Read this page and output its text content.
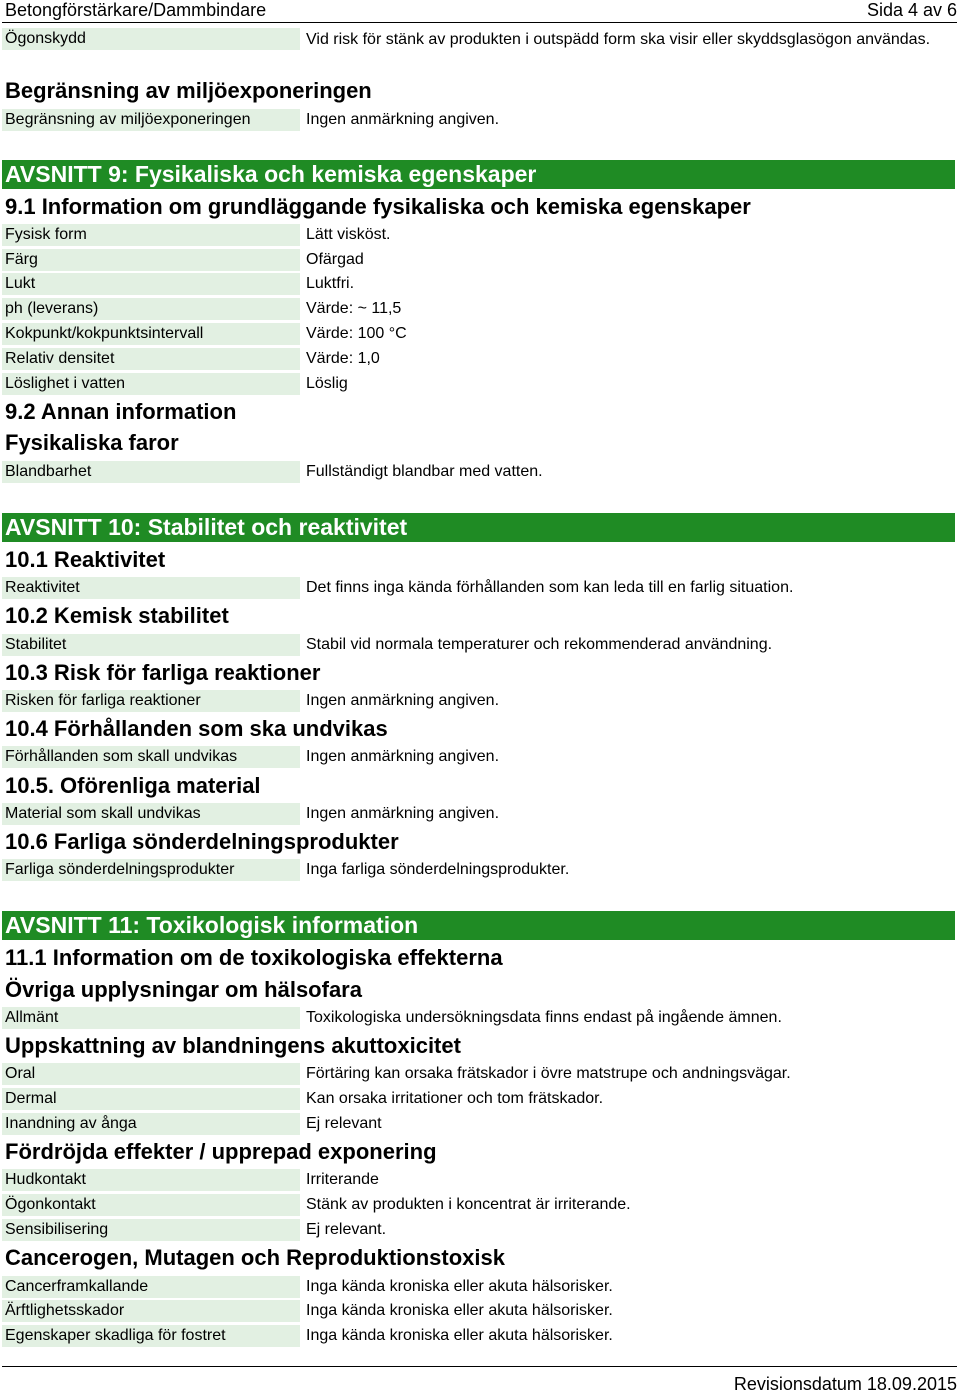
Betongförstärkare/Dammbindare	Sida 4 av 6
Ögonskydd	Vid risk för stänk av produkten i outspädd form ska visir eller skyddsglasögon användas.
Begränsning av miljöexponeringen
Begränsning av miljöexponeringen	Ingen anmärkning angiven.
AVSNITT 9: Fysikaliska och kemiska egenskaper
9.1 Information om grundläggande fysikaliska och kemiska egenskaper
Fysisk form	Lätt visköst.
Färg	Ofärgad
Lukt	Luktfri.
ph (leverans)	Värde: ~ 11,5
Kokpunkt/kokpunktsintervall	Värde: 100 °C
Relativ densitet	Värde: 1,0
Löslighet i vatten	Löslig
9.2 Annan information
Fysikaliska faror
Blandbarhet	Fullständigt blandbar med vatten.
AVSNITT 10: Stabilitet och reaktivitet
10.1 Reaktivitet
Reaktivitet	Det finns inga kända förhållanden som kan leda till en farlig situation.
10.2 Kemisk stabilitet
Stabilitet	Stabil vid normala temperaturer och rekommenderad användning.
10.3 Risk för farliga reaktioner
Risken för farliga reaktioner	Ingen anmärkning angiven.
10.4 Förhållanden som ska undvikas
Förhållanden som skall undvikas	Ingen anmärkning angiven.
10.5. Oförenliga material
Material som skall undvikas	Ingen anmärkning angiven.
10.6 Farliga sönderdelningsprodukter
Farliga sönderdelningsprodukter	Inga farliga sönderdelningsprodukter.
AVSNITT 11: Toxikologisk information
11.1 Information om de toxikologiska effekterna
Övriga upplysningar om hälsofara
Allmänt	Toxikologiska undersökningsdata finns endast på ingående ämnen.
Uppskattning av blandningens akuttoxicitet
Oral	Förtäring kan orsaka frätskador i övre matstrupe och andningsvägar.
Dermal	Kan orsaka irritationer och tom frätskador.
Inandning av ånga	Ej relevant
Fördröjda effekter / upprepad exponering
Hudkontakt	Irriterande
Ögonkontakt	Stänk av produkten i koncentrat är irriterande.
Sensibilisering	Ej relevant.
Cancerogen, Mutagen och Reproduktionstoxisk
Cancerframkallande	Inga kända kroniska eller akuta hälsorisker.
Ärftlighetsskador	Inga kända kroniska eller akuta hälsorisker.
Egenskaper skadliga för fostret	Inga kända kroniska eller akuta hälsorisker.
Revisionsdatum 18.09.2015
